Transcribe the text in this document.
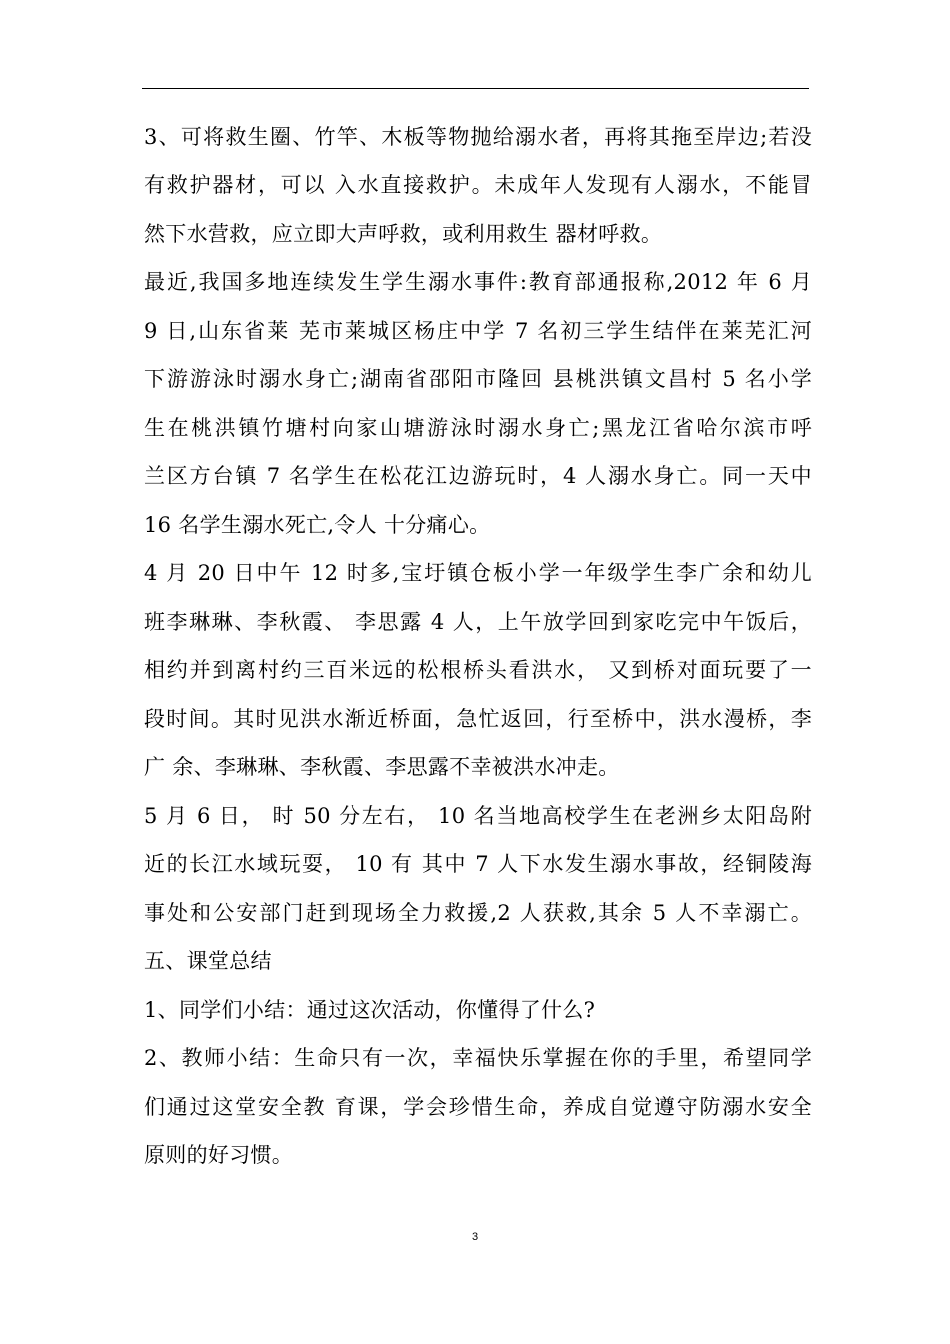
3、可将救生圈、竹竿、木板等物抛给溺水者，再将其拖至岸边;若没
有救护器材，可以 入水直接救护。未成年人发现有人溺水，不能冒
然下水营救，应立即大声呼救，或利用救生 器材呼救。
最近,我国多地连续发生学生溺水事件:教育部通报称,2012 年 6 月
9 日,山东省莱 芜市莱城区杨庄中学 7 名初三学生结伴在莱芜汇河
下游游泳时溺水身亡;湖南省邵阳市隆回 县桃洪镇文昌村 5 名小学
生在桃洪镇竹塘村向家山塘游泳时溺水身亡;黑龙江省哈尔滨市呼
兰区方台镇 7 名学生在松花江边游玩时，4 人溺水身亡。同一天中
16 名学生溺水死亡,令人 十分痛心。
4 月 20 日中午 12 时多,宝圩镇仓板小学一年级学生李广余和幼儿
班李琳琳、李秋霞、 李思露 4 人，上午放学回到家吃完中午饭后，
相约并到离村约三百米远的松根桥头看洪水， 又到桥对面玩要了一
段时间。其时见洪水渐近桥面，急忙返回，行至桥中，洪水漫桥，李
广 余、李琳琳、李秋霞、李思露不幸被洪水冲走。
5 月 6 日， 时 50 分左右， 10 名当地高校学生在老洲乡太阳岛附
近的长江水域玩耍， 10 有 其中 7 人下水发生溺水事故，经铜陵海
事处和公安部门赶到现场全力救援,2 人获救,其余 5 人不幸溺亡。
五、课堂总结
1、同学们小结：通过这次活动，你懂得了什么?
2、教师小结：生命只有一次，幸福快乐掌握在你的手里，希望同学
们通过这堂安全教 育课，学会珍惜生命，养成自觉遵守防溺水安全
原则的好习惯。
3
